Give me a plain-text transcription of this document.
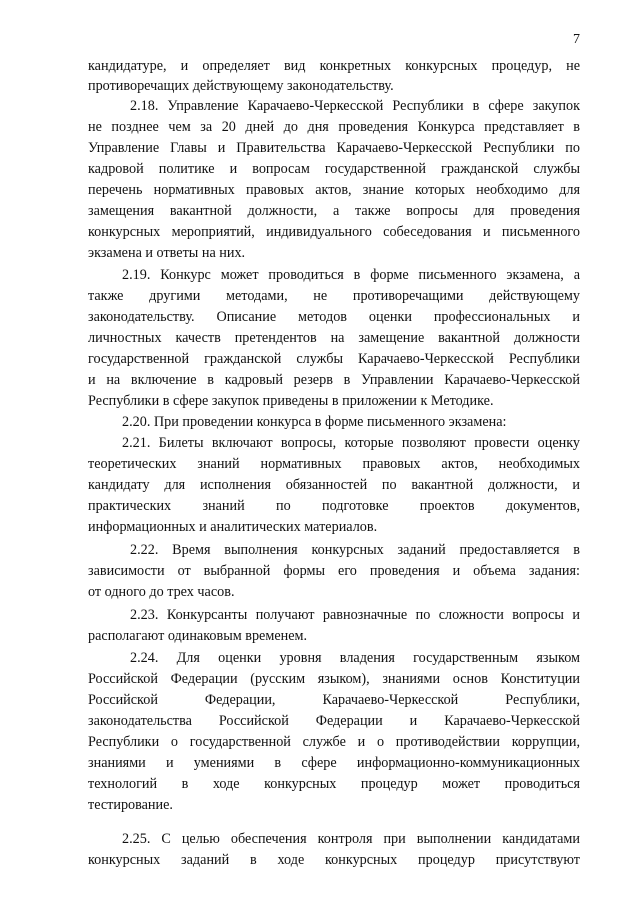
7
кандидатуре, и определяет вид конкретных конкурсных процедур, не
противоречащих действующему законодательству.
2.18. Управление Карачаево-Черкесской Республики в сфере закупок
не позднее чем за 20 дней до дня проведения Конкурса представляет в
Управление Главы и Правительства Карачаево-Черкесской Республики по
кадровой политике и вопросам государственной гражданской службы
перечень нормативных правовых актов, знание которых необходимо для
замещения вакантной должности, а также вопросы для проведения
конкурсных мероприятий, индивидуального собеседования и письменного
экзамена и ответы на них.
2.19. Конкурс может проводиться в форме письменного экзамена, а
также другими методами, не противоречащими действующему
законодательству. Описание методов оценки профессиональных и
личностных качеств претендентов на замещение вакантной должности
государственной гражданской службы Карачаево-Черкесской Республики
и на включение в кадровый резерв в Управлении Карачаево-Черкесской
Республики в сфере закупок приведены в приложении к Методике.
2.20. При проведении конкурса в форме письменного экзамена:
2.21. Билеты включают вопросы, которые позволяют провести оценку
теоретических знаний нормативных правовых актов, необходимых
кандидату для исполнения обязанностей по вакантной должности, и
практических знаний по подготовке проектов документов,
информационных и аналитических материалов.
2.22. Время выполнения конкурсных заданий предоставляется в
зависимости от выбранной формы его проведения и объема задания:
от одного до трех часов.
2.23. Конкурсанты получают равнозначные по сложности вопросы и
располагают одинаковым временем.
2.24. Для оценки уровня владения государственным языком
Российской Федерации (русским языком), знаниями основ Конституции
Российской Федерации, Карачаево-Черкесской Республики,
законодательства Российской Федерации и Карачаево-Черкесской
Республики о государственной службе и о противодействии коррупции,
знаниями и умениями в сфере информационно-коммуникационных
технологий в ходе конкурсных процедур может проводиться
тестирование.
2.25. С целью обеспечения контроля при выполнении кандидатами
конкурсных заданий в ходе конкурсных процедур присутствуют
